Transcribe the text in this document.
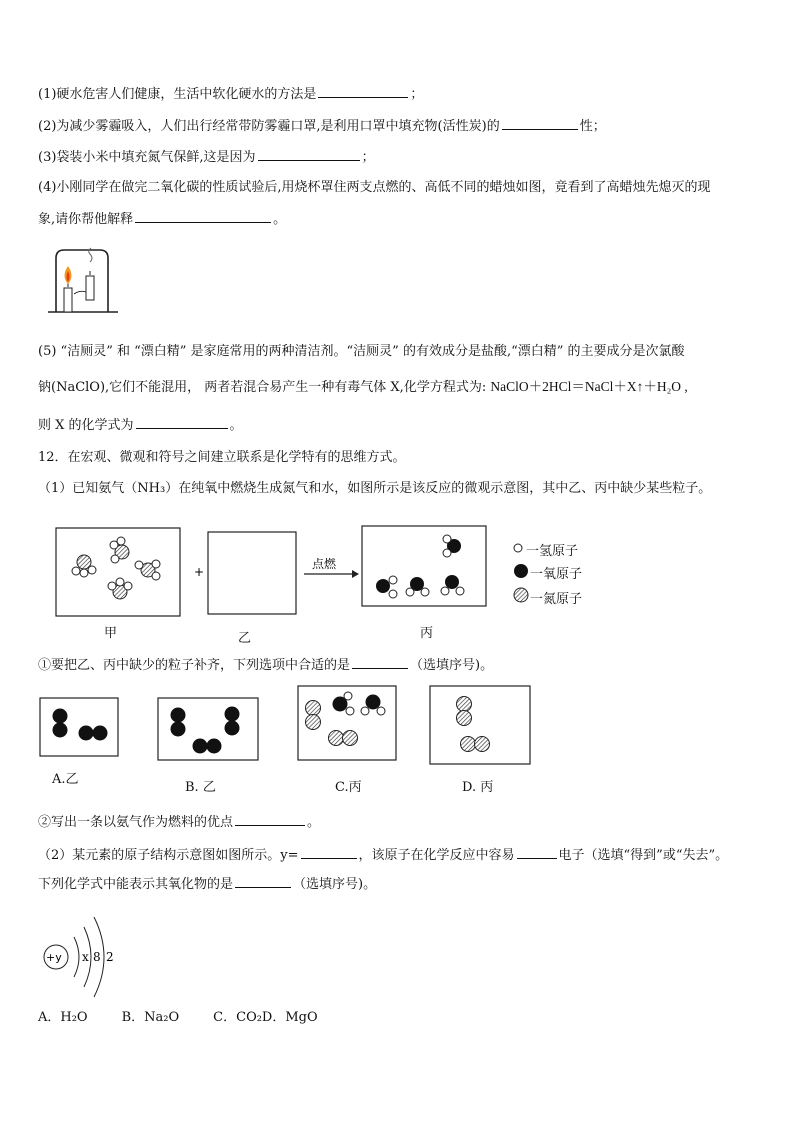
(1)硬水危害人们健康，生活中软化硬水的方法是	；
(2)为减少雾霾吸入，人们出行经常带防雾霾口罩,是利用口罩中填充物(活性炭)的	性；
(3)袋装小米中填充氮气保鲜,这是因为	；
(4)小刚同学在做完二氧化碳的性质试验后,用烧杯罩住两支点燃的、高低不同的蜡烛如图，竟看到了高蜡烛先熄灭的现
象,请你帮他解释	。
(5) “洁厕灵” 和 “漂白精” 是家庭常用的两种清洁剂。“洁厕灵” 的有效成分是盐酸,“漂白精” 的主要成分是次氯酸
钠(NaClO),它们不能混用， 两者若混合易产生一种有毒气体 X,化学方程式为: NaClO＋2HCl＝NaCl＋X↑＋H₂O ,
则 X 的化学式为	。
12．在宏观、微观和符号之间建立联系是化学特有的思维方式。
（1）已知氨气（NH₃）在纯氧中燃烧生成氮气和水，如图所示是该反应的微观示意图，其中乙、丙中缺少某些粒子。
+
点燃
一氢原子
一氧原子
一氮原子
甲	乙	丙
①要把乙、丙中缺少的粒子补齐，下列选项中合适的是	（选填序号)。
A.乙
B. 乙	C.丙	D. 丙
②写出一条以氨气作为燃料的优点	。
（2）某元素的原子结构示意图如图所示。y=	，该原子在化学反应中容易	电子（选填“得到”或“失去”。
下列化学式中能表示其氧化物的是	（选填序号)。
+y x 8 2
A．H₂O	B．Na₂O	C．CO₂D．MgO
